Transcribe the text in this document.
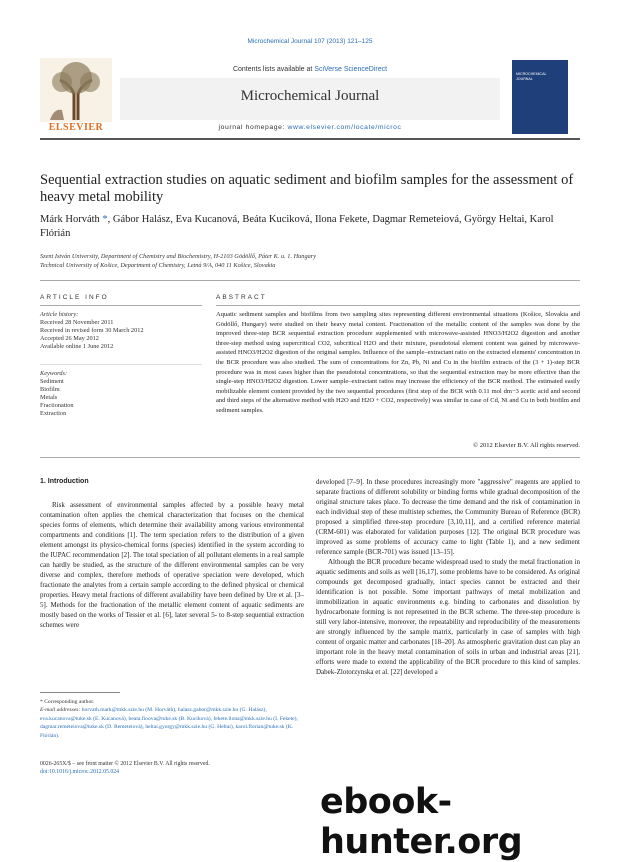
Microchemical Journal 107 (2013) 121–125
ELSEVIER
Contents lists available at SciVerse ScienceDirect
Microchemical Journal
journal homepage: www.elsevier.com/locate/microc
MICROCHEMICAL JOURNAL
Sequential extraction studies on aquatic sediment and biofilm samples for the assessment of heavy metal mobility
Márk Horváth *, Gábor Halász, Eva Kucanová, Beáta Kuciková, Ilona Fekete, Dagmar Remeteiová, György Heltai, Karol Flórián
Szent István University, Department of Chemistry and Biochemistry, H-2103 Gödöllő, Páter K. u. 1. Hungary
Technical University of Košice, Department of Chemistry, Letná 9/A, 040 11 Košice, Slovakia
ARTICLE INFO	ABSTRACT
Article history:
Received 28 November 2011
Received in revised form 30 March 2012
Accepted 26 May 2012
Available online 1 June 2012
Keywords:
Sediment
Biofilm
Metals
Fractionation
Extraction
Aquatic sediment samples and biofilms from two sampling sites representing different environmental situations (Košice, Slovakia and Gödöllő, Hungary) were studied on their heavy metal content. Fractionation of the metallic content of the samples was done by the improved three-step BCR sequential extraction procedure supplemented with microwave-assisted HNO3/H2O2 digestion and another three-step method using supercritical CO2, subcritical H2O and their mixture, pseudototal element content was gained by microwave-assisted HNO3/H2O2 digestion of the original samples. Influence of the sample–extractant ratio on the extracted elements' concentration in the BCR procedure was also studied. The sum of concentrations for Zn, Pb, Ni and Cu in the biofilm extracts of the (3 + 1)-step BCR procedure was in most cases higher than the pseudototal concentrations, so that the sequential extraction may be more effective than the single-step HNO3/H2O2 digestion. Lower sample–extractant ratios may increase the efficiency of the BCR method. The estimated easily mobilizable element content provided by the two sequential procedures (first step of the BCR with 0.11 mol dm−3 acetic acid and second and third steps of the alternative method with H2O and H2O + CO2, respectively) was similar in case of Cd, Ni and Cu in both biofilm and sediment samples.
© 2012 Elsevier B.V. All rights reserved.
1. Introduction
Risk assessment of environmental samples affected by a possible heavy metal contamination often applies the chemical characterization that focuses on the chemical species forms of elements, which determine their availability among various environmental compartments and conditions [1]. The term speciation refers to the distribution of a given element amongst its physico-chemical forms (species) identified in the system according to the IUPAC recommendation [2]. The total speciation of all pollutant elements in a real sample can hardly be studied, as the structure of the different environmental samples can be very diverse and complex, therefore methods of operative speciation were developed, which fractionate the analytes from a certain sample according to the defined physical or chemical properties. Heavy metal fractions of different availability have been defined by Ure et al. [3–5]. Methods for the fractionation of the metallic element content of aquatic sediments are mostly based on the works of Tessier et al. [6], later several 5- to 8-step sequential extraction schemes were
developed [7–9]. In these procedures increasingly more "aggressive" reagents are applied to separate fractions of different solubility or binding forms while gradual decomposition of the original structure takes place. To decrease the time demand and the risk of contamination in each individual step of these multistep schemes, the Community Bureau of Reference (BCR) proposed a simplified three-step procedure [3,10,11], and a certified reference material (CRM-601) was elaborated for validation purposes [12]. The original BCR procedure was improved as some problems of accuracy came to light (Table 1), and a new sediment reference sample (BCR-701) was issued [13–15].
Although the BCR procedure became widespread used to study the metal fractionation in aquatic sediments and soils as well [16,17], some problems have to be considered. As original compounds get decomposed gradually, intact species cannot be extracted and their identification is not possible. Some important pathways of metal mobilization and immobilization in aquatic environments e.g. binding to carbonates and dissolution by hydrocarbonate forming is not represented in the BCR scheme. The three-step procedure is still very labor-intensive, moreover, the repeatability and reproducibility of the measurements are strongly influenced by the sample matrix, particularly in case of samples with high content of organic matter and carbonates [18–20]. As atmospheric gravitation dust can play an important role in the heavy metal contamination of soils in urban and industrial areas [21], efforts were made to extend the applicability of the BCR procedure to this kind of samples. Dabek-Zlotorzynska et al. [22] developed a
* Corresponding author.
E-mail addresses: horvath.mark@mkk.szie.hu (M. Horváth), halasz.gabor@mkk.szie.hu (G. Halász), eva.kucanova@tuke.sk (E. Kucanová), beata.fioova@tuke.sk (B. Kuciková), fekete.ilona@mkk.szie.hu (I. Fekete), dagmar.remeteiova@tuke.sk (D. Remeteiová), heltai.gyorgy@mkk.szie.hu (G. Heltai), karol.florian@tuke.sk (K. Flórián).
0026-265X/$ – see front matter © 2012 Elsevier B.V. All rights reserved.
doi:10.1016/j.microc.2012.05.024
ebook-hunter.org
